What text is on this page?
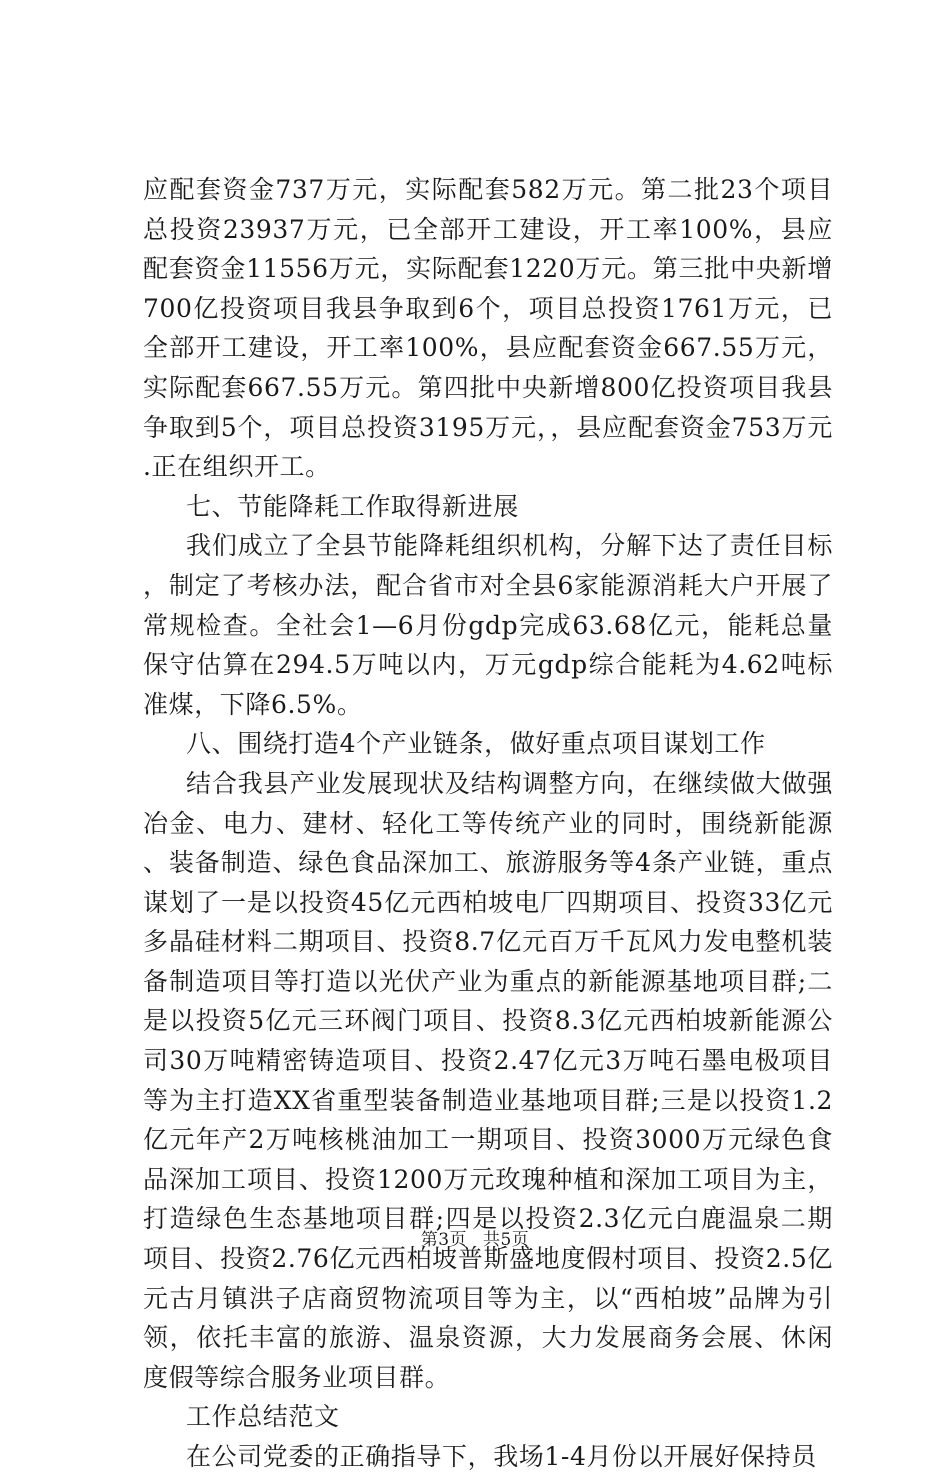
应配套资金737万元，实际配套582万元。第二批23个项目总投资23937万元，已全部开工建设，开工率100%，县应配套资金11556万元，实际配套1220万元。第三批中央新增700亿投资项目我县争取到6个，项目总投资1761万元，已全部开工建设，开工率100%，县应配套资金667.55万元，实际配套667.55万元。第四批中央新增800亿投资项目我县争取到5个，项目总投资3195万元，，县应配套资金753万元.正在组织开工。

七、节能降耗工作取得新进展

我们成立了全县节能降耗组织机构，分解下达了责任目标，制定了考核办法，配合省市对全县6家能源消耗大户开展了常规检查。全社会1—6月份gdp完成63.68亿元，能耗总量保守估算在294.5万吨以内，万元gdp综合能耗为4.62吨标准煤，下降6.5%。

八、围绕打造4个产业链条，做好重点项目谋划工作

结合我县产业发展现状及结构调整方向，在继续做大做强冶金、电力、建材、轻化工等传统产业的同时，围绕新能源、装备制造、绿色食品深加工、旅游服务等4条产业链，重点谋划了一是以投资45亿元西柏坡电厂四期项目、投资33亿元多晶硅材料二期项目、投资8.7亿元百万千瓦风力发电整机装备制造项目等打造以光伏产业为重点的新能源基地项目群;二是以投资5亿元三环阀门项目、投资8.3亿元西柏坡新能源公司30万吨精密铸造项目、投资2.47亿元3万吨石墨电极项目等为主打造XX省重型装备制造业基地项目群;三是以投资1.2亿元年产2万吨核桃油加工一期项目、投资3000万元绿色食品深加工项目、投资1200万元玫瑰种植和深加工项目为主，打造绿色生态基地项目群;四是以投资2.3亿元白鹿温泉二期项目、投资2.76亿元西柏坡普斯盛地度假村项目、投资2.5亿元古月镇洪子店商贸物流项目等为主，以“西柏坡”品牌为引领，依托丰富的旅游、温泉资源，大力发展商务会展、休闲度假等综合服务业项目群。

工作总结范文

在公司党委的正确指导下，我场1-4月份以开展好保持员

第3页 共5页
